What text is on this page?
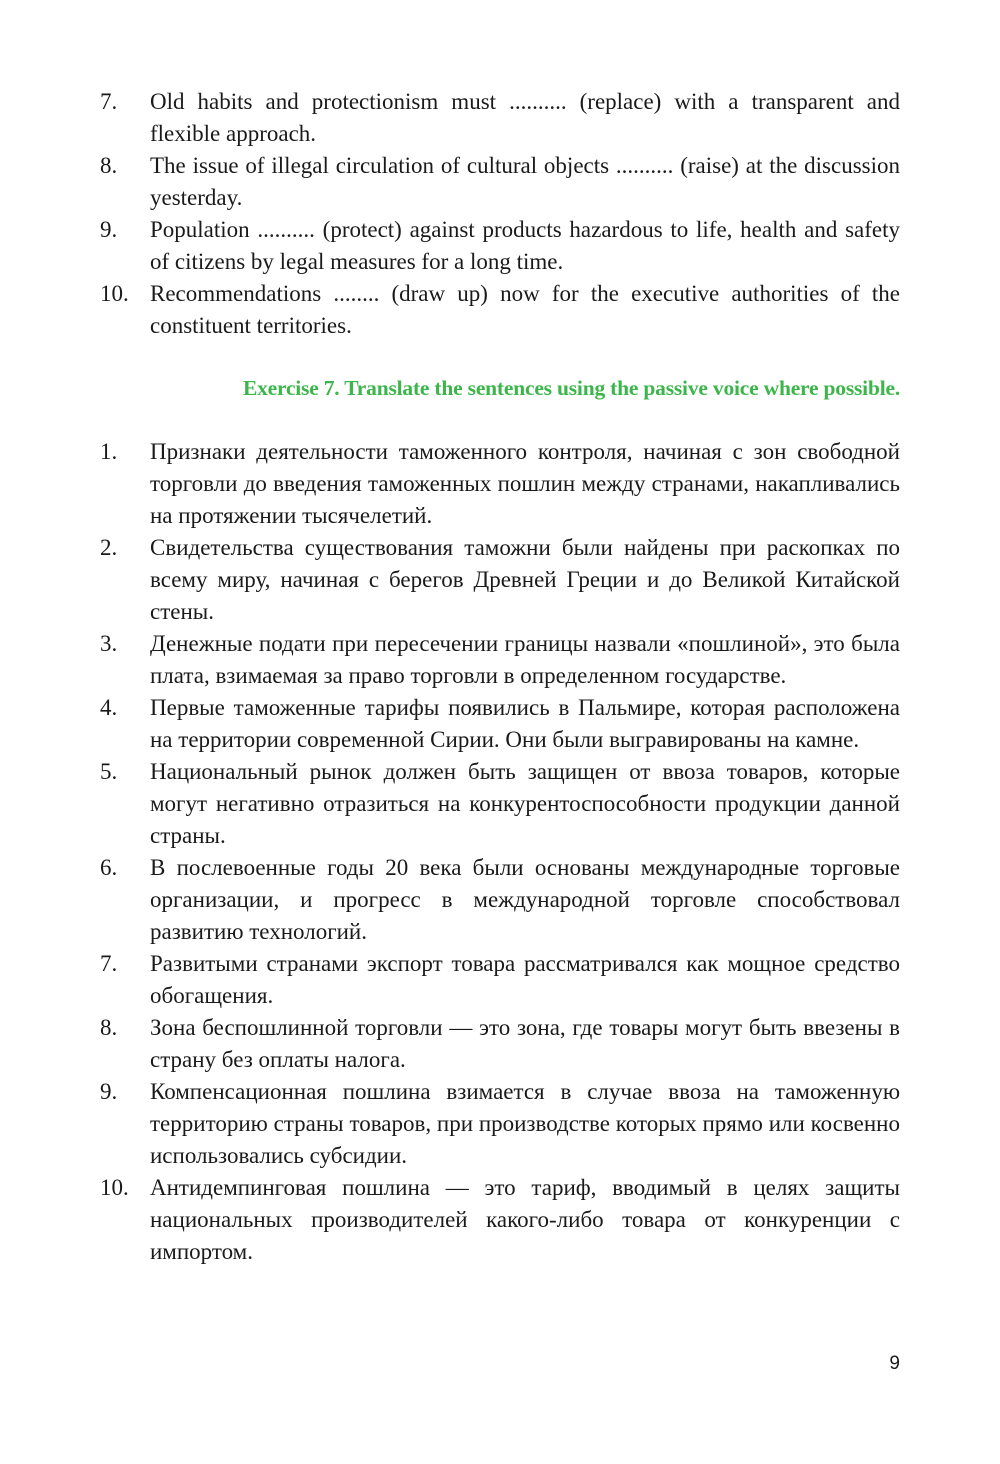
7.	Old habits and protectionism must .......... (replace) with a transparent and flexible approach.
8.	The issue of illegal circulation of cultural objects .......... (raise) at the discussion yesterday.
9.	Population .......... (protect) against products hazardous to life, health and safety of citizens by legal measures for a long time.
10. Recommendations ........ (draw up) now for the executive authorities of the constituent territories.
Exercise 7. Translate the sentences using the passive voice where possible.
1.	Признаки деятельности таможенного контроля, начиная с зон свободной торговли до введения таможенных пошлин между странами, накапливались на протяжении тысячелетий.
2.	Свидетельства существования таможни были найдены при раскопках по всему миру, начиная с берегов Древней Греции и до Великой Китайской стены.
3.	Денежные подати при пересечении границы назвали «пошлиной», это была плата, взимаемая за право торговли в определенном государстве.
4.	Первые таможенные тарифы появились в Пальмире, которая расположена на территории современной Сирии. Они были выгравированы на камне.
5.	Национальный рынок должен быть защищен от ввоза товаров, которые могут негативно отразиться на конкурентоспособности продукции данной страны.
6.	В послевоенные годы 20 века были основаны международные торговые организации, и прогресс в международной торговле способствовал развитию технологий.
7.	Развитыми странами экспорт товара рассматривался как мощное средство обогащения.
8.	Зона беспошлинной торговли — это зона, где товары могут быть ввезены в страну без оплаты налога.
9.	Компенсационная пошлина взимается в случае ввоза на таможенную территорию страны товаров, при производстве которых прямо или косвенно использовались субсидии.
10. Антидемпинговая пошлина — это тариф, вводимый в целях защиты национальных производителей какого-либо товара от конкуренции с импортом.
9
